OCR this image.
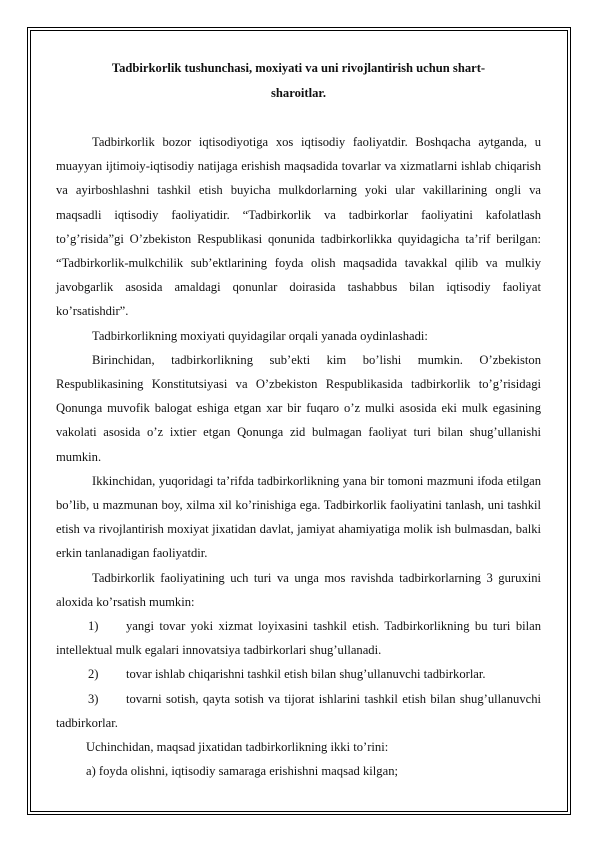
Tadbirkorlik tushunchasi, moxiyati va uni rivojlantirish uchun shart-sharoitlar.

Tadbirkorlik bozor iqtisodiyotiga xos iqtisodiy faoliyatdir. Boshqacha aytganda, u muayyan ijtimoiy-iqtisodiy natijaga erishish maqsadida tovarlar va xizmatlarni ishlab chiqarish va ayirboshlashni tashkil etish buyicha mulkdorlarning yoki ular vakillarining ongli va maqsadli iqtisodiy faoliyatidir. “Tadbirkorlik va tadbirkorlar faoliyatini kafolatlash to’g’risida”gi O’zbekiston Respublikasi qonunida tadbirkorlikka quyidagicha ta’rif berilgan: “Tadbirkorlik-mulkchilik sub’ektlarining foyda olish maqsadida tavakkal qilib va mulkiy javobgarlik asosida amaldagi qonunlar doirasida tashabbus bilan iqtisodiy faoliyat ko’rsatishdir”.

Tadbirkorlikning moxiyati quyidagilar orqali yanada oydinlashadi:

Birinchidan, tadbirkorlikning sub’ekti kim bo’lishi mumkin. O’zbekiston Respublikasining Konstitutsiyasi va O’zbekiston Respublikasida tadbirkorlik to’g’risidagi Qonunga muvofik balogat eshiga etgan xar bir fuqaro o’z mulki asosida eki mulk egasining vakolati asosida o’z ixtier etgan Qonunga zid bulmagan faoliyat turi bilan shug’ullanishi mumkin.

Ikkinchidan, yuqoridagi ta’rifda tadbirkorlikning yana bir tomoni mazmuni ifoda etilgan bo’lib, u mazmunan boy, xilma xil ko’rinishiga ega. Tadbirkorlik faoliyatini tanlash, uni tashkil etish va rivojlantirish moxiyat jixatidan davlat, jamiyat ahamiyatiga molik ish bulmasdan, balki erkin tanlanadigan faoliyatdir.

Tadbirkorlik faoliyatining uch turi va unga mos ravishda tadbirkorlarning 3 guruxini aloxida ko’rsatish mumkin:

1) yangi tovar yoki xizmat loyixasini tashkil etish. Tadbirkorlikning bu turi bilan intellektual mulk egalari innovatsiya tadbirkorlari shug’ullanadi.

2) tovar ishlab chiqarishni tashkil etish bilan shug’ullanuvchi tadbirkorlar.

3) tovarni sotish, qayta sotish va tijorat ishlarini tashkil etish bilan shug’ullanuvchi tadbirkorlar.

Uchinchidan, maqsad jixatidan tadbirkorlikning ikki to’rini:

a) foyda olishni, iqtisodiy samaraga erishishni maqsad kilgan;
